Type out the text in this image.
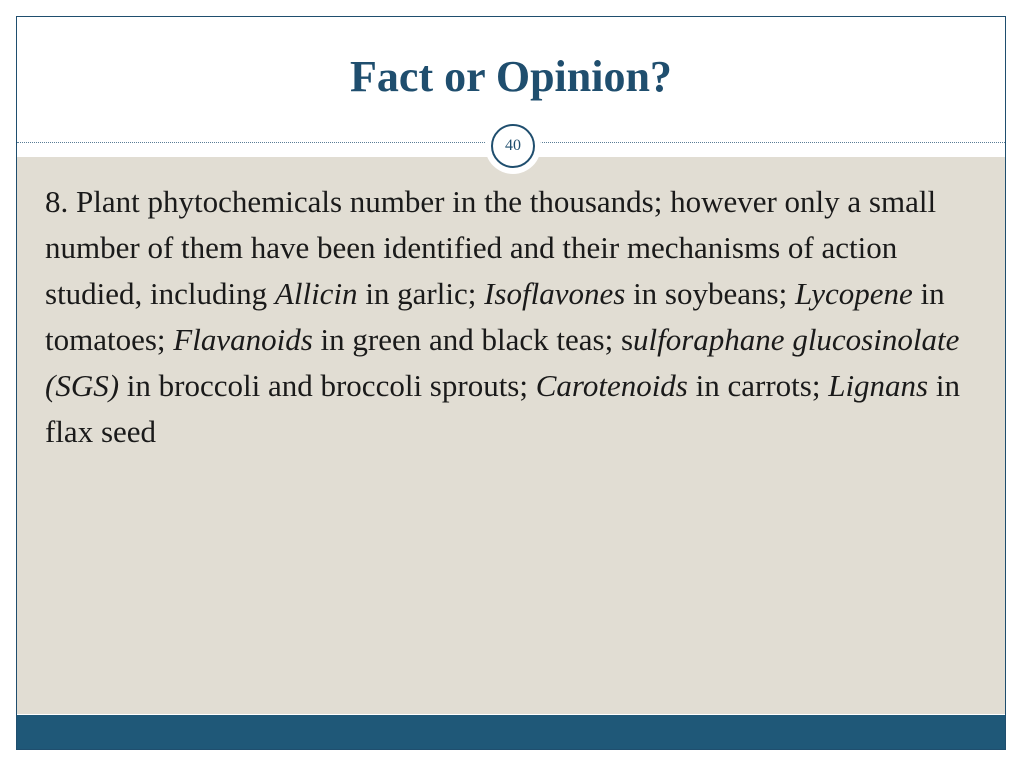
Fact or Opinion?
40

8. Plant phytochemicals number in the thousands; however only a small number of them have been identified and their mechanisms of action studied, including Allicin in garlic; Isoflavones in soybeans; Lycopene in tomatoes; Flavanoids in green and black teas; sulforaphane glucosinolate (SGS) in broccoli and broccoli sprouts; Carotenoids in carrots; Lignans in flax seed
